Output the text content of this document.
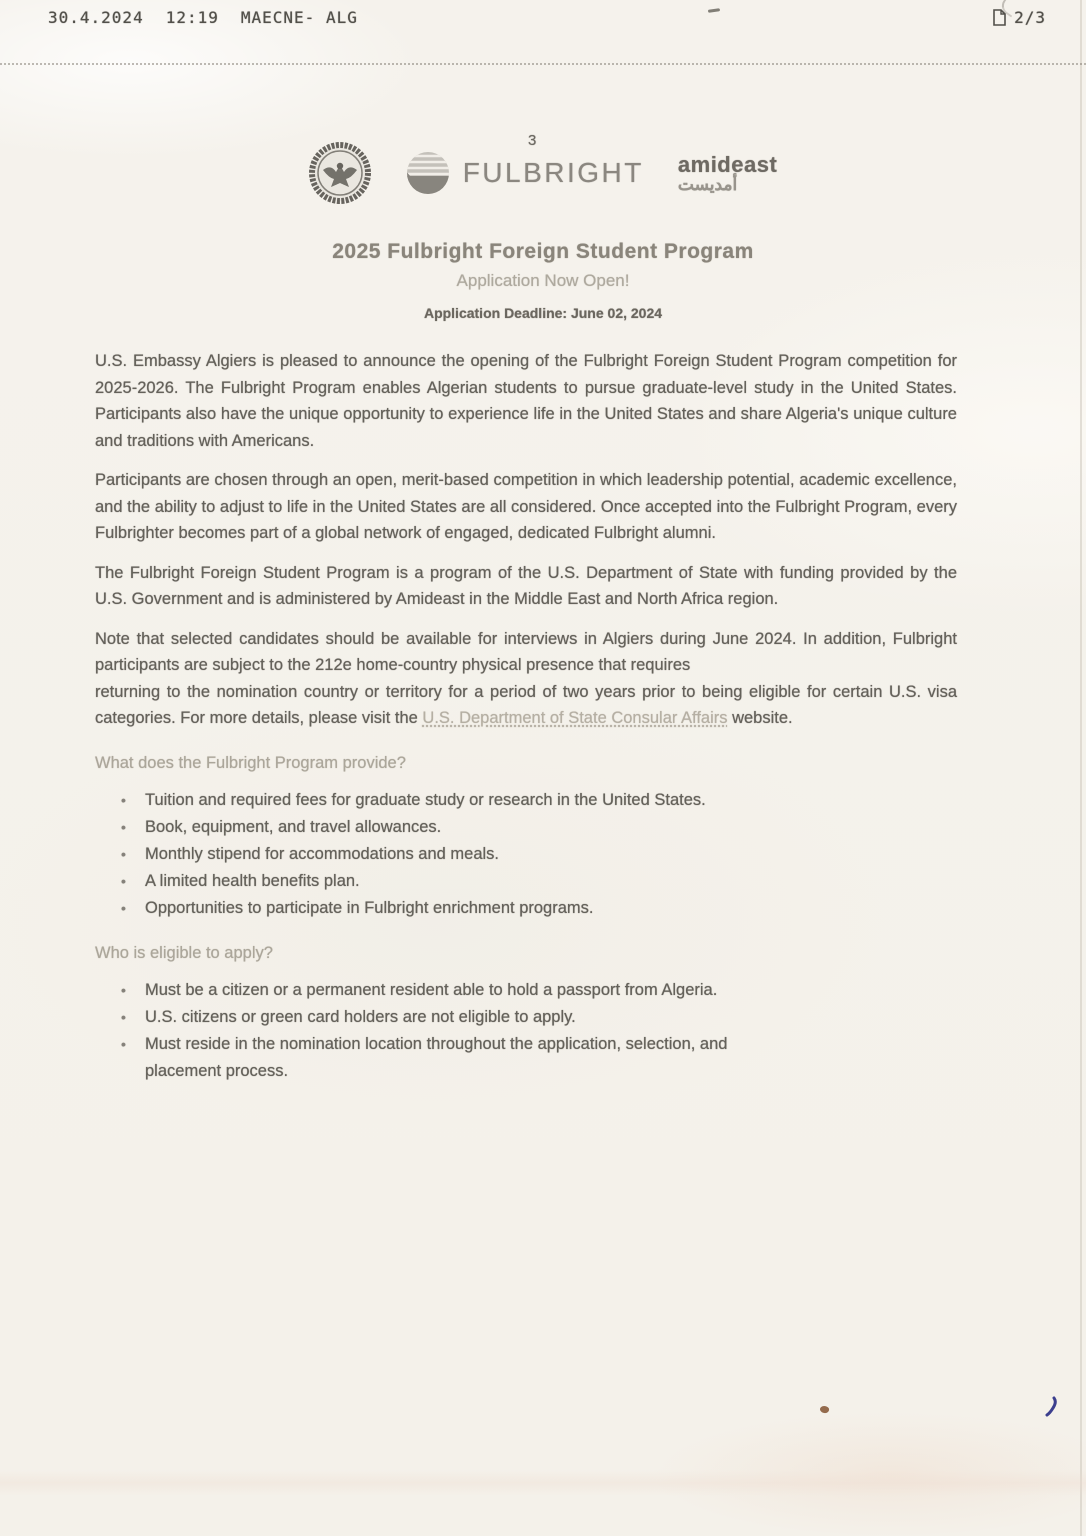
30.4.2024 12:19 MAECNE- ALG	2/3
3
FULBRIGHT amideast
أمديست
2025 Fulbright Foreign Student Program
Application Now Open!
Application Deadline: June 02, 2024

U.S. Embassy Algiers is pleased to announce the opening of the Fulbright Foreign Student Program competition for 2025-2026. The Fulbright Program enables Algerian students to pursue graduate-level study in the United States. Participants also have the unique opportunity to experience life in the United States and share Algeria's unique culture and traditions with Americans.

Participants are chosen through an open, merit-based competition in which leadership potential, academic excellence, and the ability to adjust to life in the United States are all considered. Once accepted into the Fulbright Program, every Fulbrighter becomes part of a global network of engaged, dedicated Fulbright alumni.

The Fulbright Foreign Student Program is a program of the U.S. Department of State with funding provided by the U.S. Government and is administered by Amideast in the Middle East and North Africa region.

Note that selected candidates should be available for interviews in Algiers during June 2024. In addition, Fulbright participants are subject to the 212e home-country physical presence that requires
returning to the nomination country or territory for a period of two years prior to being eligible for certain U.S. visa categories. For more details, please visit the U.S. Department of State Consular Affairs website.

What does the Fulbright Program provide?
• Tuition and required fees for graduate study or research in the United States.
• Book, equipment, and travel allowances.
• Monthly stipend for accommodations and meals.
• A limited health benefits plan.
• Opportunities to participate in Fulbright enrichment programs.
Who is eligible to apply?
• Must be a citizen or a permanent resident able to hold a passport from Algeria.
• U.S. citizens or green card holders are not eligible to apply.
• Must reside in the nomination location throughout the application, selection, and placement process.
